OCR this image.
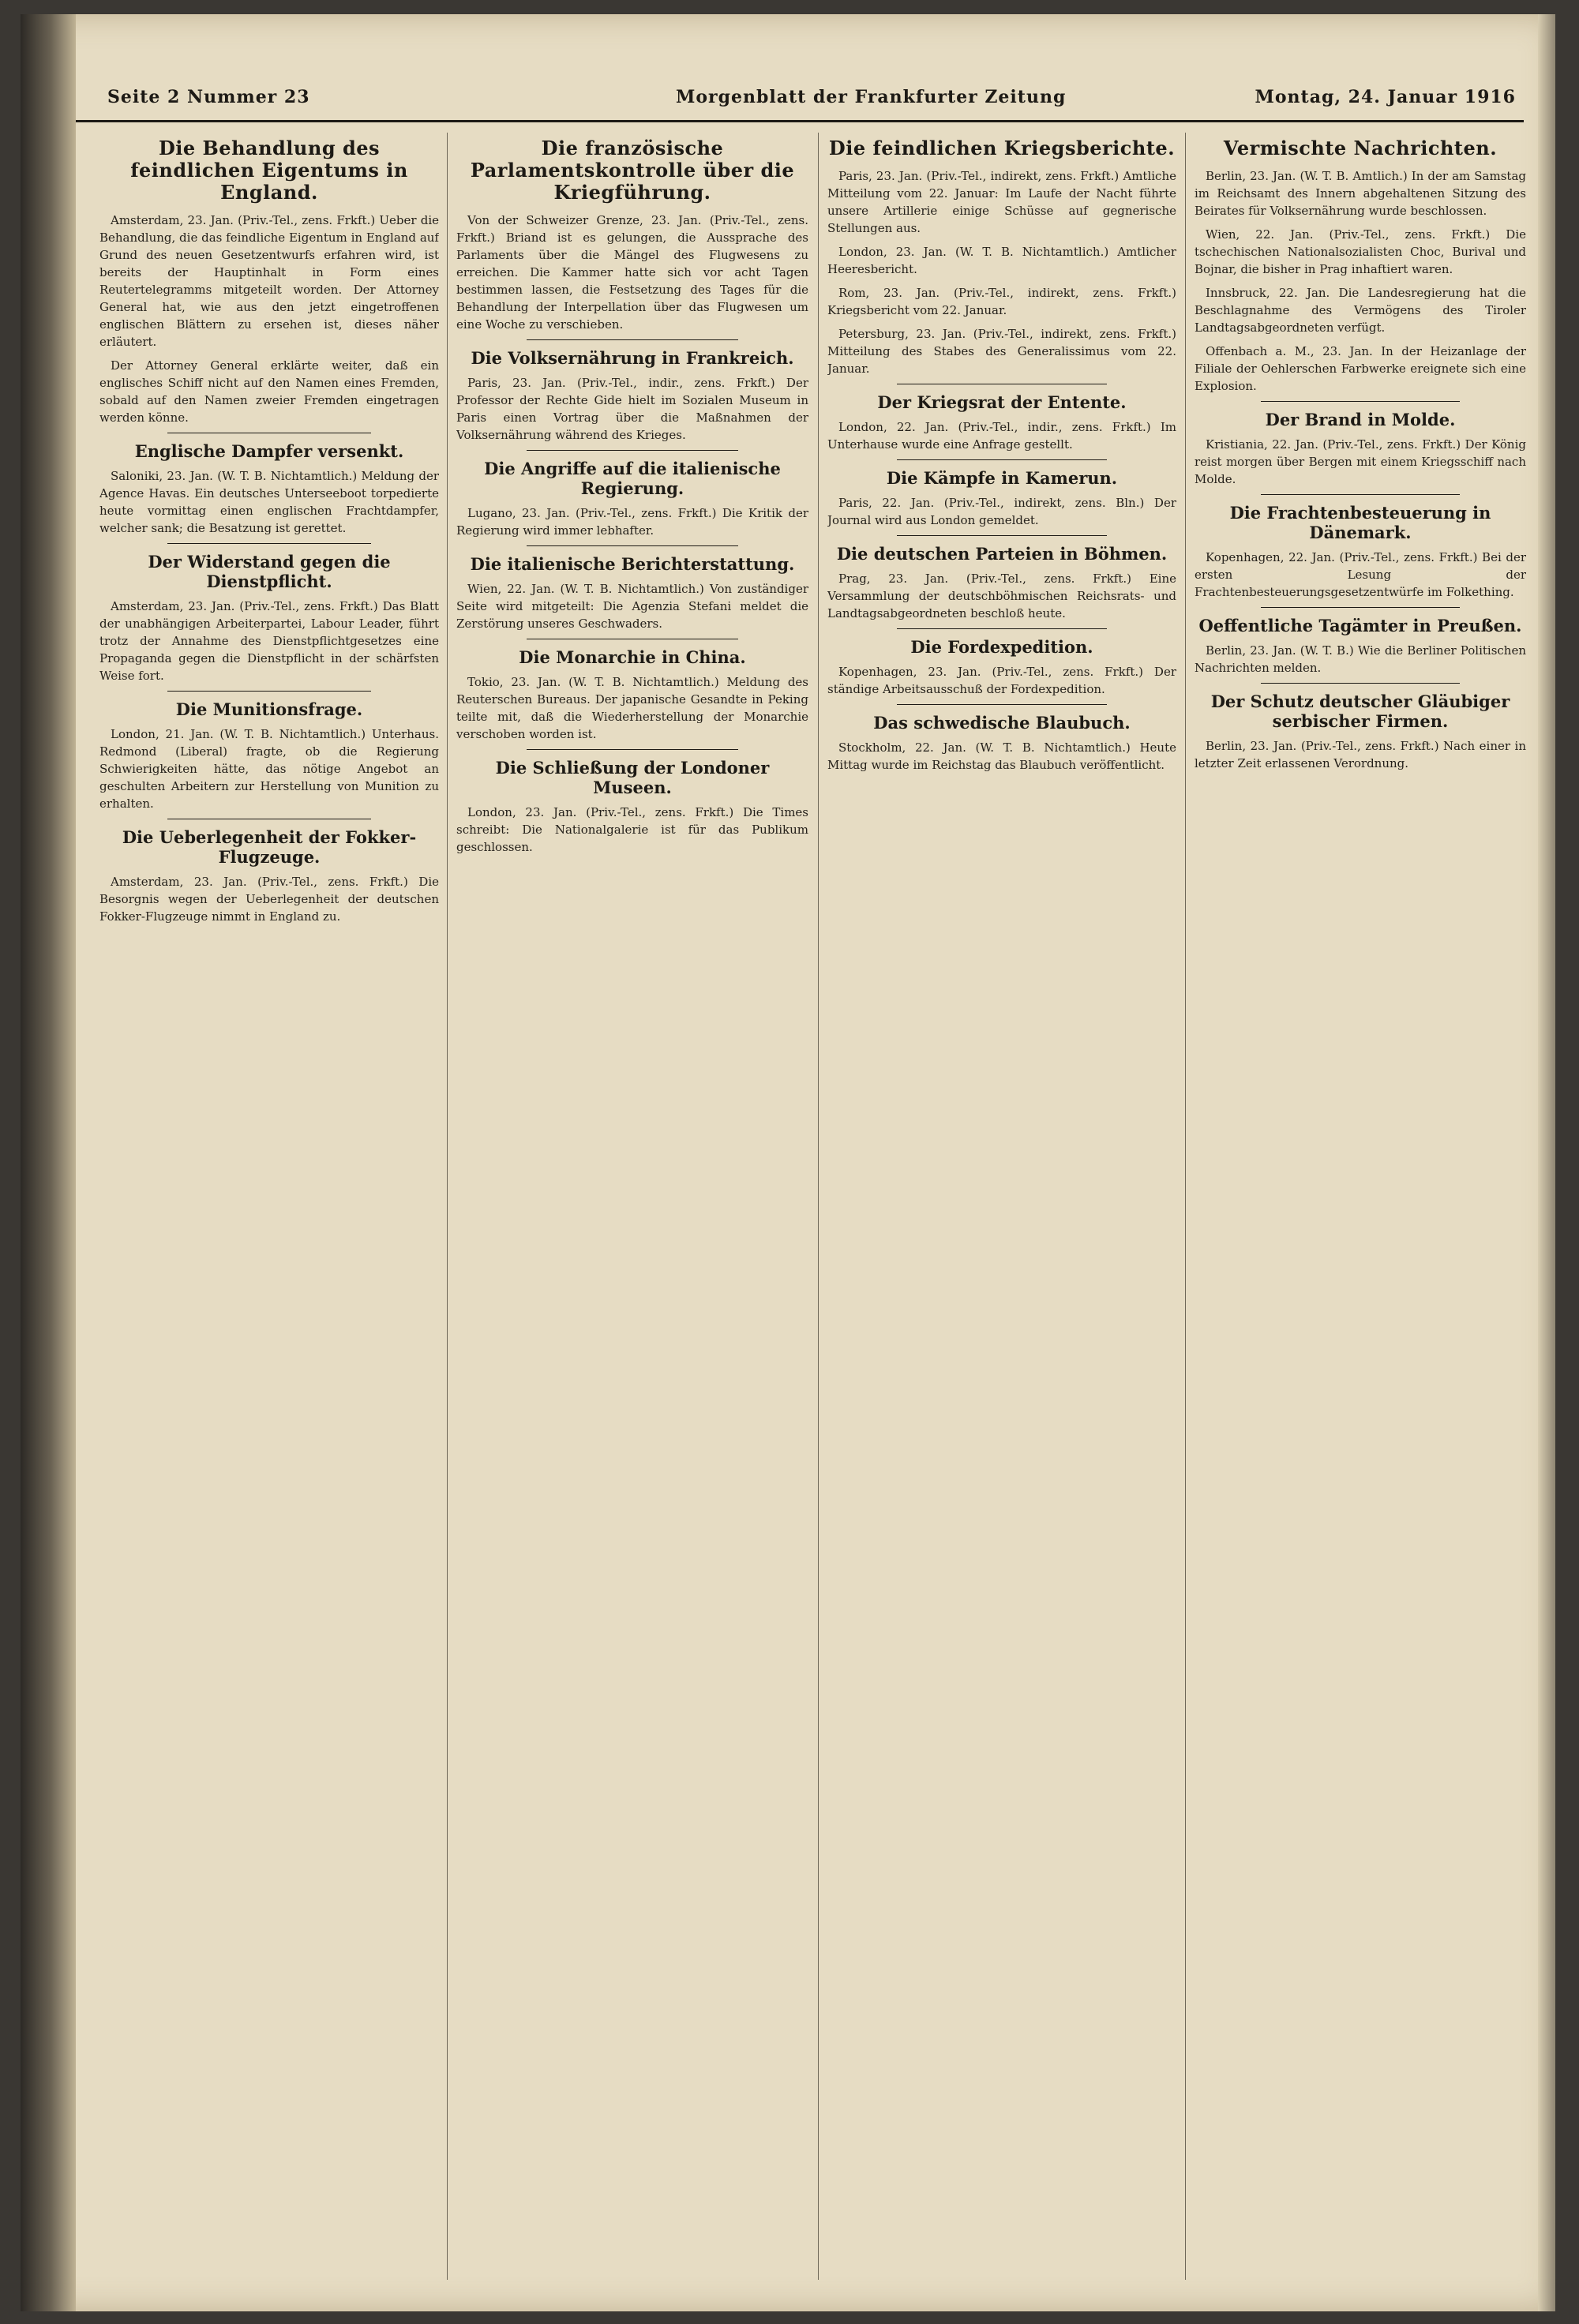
Seite 2 Nummer 23	Morgenblatt der Frankfurter Zeitung	Montag, 24. Januar 1916
Die Behandlung des feindlichen Eigentums in England.

Amsterdam, 23. Jan. (Priv.-Tel., zens. Frkft.) Ueber die Behandlung, die das feindliche Eigentum in England auf Grund des neuen Gesetzentwurfs erfahren wird, ist bereits der Hauptinhalt in Form eines Reutertelegramms mitgeteilt worden. Der Attorney General hat, wie aus den jetzt eingetroffenen englischen Blättern zu ersehen ist, dieses näher erläutert.

Der Attorney General erklärte weiter, daß ein englisches Schiff nicht auf den Namen eines Fremden, sobald auf den Namen zweier Fremden eingetragen werden könne.

Englische Dampfer versenkt.

Saloniki, 23. Jan. (W. T. B. Nichtamtlich.) Meldung der Agence Havas. Ein deutsches Unterseeboot torpedierte heute vormittag einen englischen Frachtdampfer, welcher sank; die Besatzung ist gerettet.

Der Widerstand gegen die Dienstpflicht.

Amsterdam, 23. Jan. (Priv.-Tel., zens. Frkft.) Das Blatt der unabhängigen Arbeiterpartei, Labour Leader, führt trotz der Annahme des Dienstpflichtgesetzes eine Propaganda gegen die Dienstpflicht in der schärfsten Weise fort.

Die Munitionsfrage.

London, 21. Jan. (W. T. B. Nichtamtlich.) Unterhaus. Redmond (Liberal) fragte, ob die Regierung Schwierigkeiten hätte, das nötige Angebot an geschulten Arbeitern zur Herstellung von Munition zu erhalten.

Die Ueberlegenheit der Fokker-Flugzeuge.

Amsterdam, 23. Jan. (Priv.-Tel., zens. Frkft.) Die Besorgnis wegen der Ueberlegenheit der deutschen Fokker-Flugzeuge nimmt in England zu.

Die französische Parlamentskontrolle über die Kriegführung.

Von der Schweizer Grenze, 23. Jan. (Priv.-Tel., zens. Frkft.) Briand ist es gelungen, die Aussprache des Parlaments über die Mängel des Flugwesens zu erreichen. Die Kammer hatte sich vor acht Tagen bestimmen lassen, die Festsetzung des Tages für die Behandlung der Interpellation über das Flugwesen um eine Woche zu verschieben.

Die Volksernährung in Frankreich.

Paris, 23. Jan. (Priv.-Tel., indir., zens. Frkft.) Der Professor der Rechte Gide hielt im Sozialen Museum in Paris einen Vortrag über die Maßnahmen der Volksernährung während des Krieges.

Die Angriffe auf die italienische Regierung.

Lugano, 23. Jan. (Priv.-Tel., zens. Frkft.) Die Kritik der Regierung wird immer lebhafter.

Die italienische Berichterstattung.

Wien, 22. Jan. (W. T. B. Nichtamtlich.) Von zuständiger Seite wird mitgeteilt: Die Agenzia Stefani meldet die Zerstörung unseres Geschwaders.

Die Monarchie in China.

Tokio, 23. Jan. (W. T. B. Nichtamtlich.) Meldung des Reuterschen Bureaus. Der japanische Gesandte in Peking teilte mit, daß die Wiederherstellung der Monarchie verschoben worden ist.

Die Schließung der Londoner Museen.

London, 23. Jan. (Priv.-Tel., zens. Frkft.) Die Times schreibt: Die Nationalgalerie ist für das Publikum geschlossen.

Die feindlichen Kriegsberichte.

Paris, 23. Jan. (Priv.-Tel., indirekt, zens. Frkft.) Amtliche Mitteilung vom 22. Januar: Im Laufe der Nacht führte unsere Artillerie einige Schüsse auf gegnerische Stellungen aus.

London, 23. Jan. (W. T. B. Nichtamtlich.) Amtlicher Heeresbericht.

Rom, 23. Jan. (Priv.-Tel., indirekt, zens. Frkft.) Kriegsbericht vom 22. Januar.

Petersburg, 23. Jan. (Priv.-Tel., indirekt, zens. Frkft.) Mitteilung des Stabes des Generalissimus vom 22. Januar.

Der Kriegsrat der Entente.

London, 22. Jan. (Priv.-Tel., indir., zens. Frkft.) Im Unterhause wurde eine Anfrage gestellt.

Die Kämpfe in Kamerun.

Paris, 22. Jan. (Priv.-Tel., indirekt, zens. Bln.) Der Journal wird aus London gemeldet.

Die deutschen Parteien in Böhmen.

Prag, 23. Jan. (Priv.-Tel., zens. Frkft.) Eine Versammlung der deutschböhmischen Reichsrats- und Landtagsabgeordneten beschloß heute.

Die Fordexpedition.

Kopenhagen, 23. Jan. (Priv.-Tel., zens. Frkft.) Der ständige Arbeitsausschuß der Fordexpedition.

Das schwedische Blaubuch.

Stockholm, 22. Jan. (W. T. B. Nichtamtlich.) Heute Mittag wurde im Reichstag das Blaubuch veröffentlicht.

Vermischte Nachrichten.

Berlin, 23. Jan. (W. T. B. Amtlich.) In der am Samstag im Reichsamt des Innern abgehaltenen Sitzung des Beirates für Volksernährung wurde beschlossen.

Wien, 22. Jan. (Priv.-Tel., zens. Frkft.) Die tschechischen Nationalsozialisten Choc, Burival und Bojnar, die bisher in Prag inhaftiert waren.

Innsbruck, 22. Jan. Die Landesregierung hat die Beschlagnahme des Vermögens des Tiroler Landtagsabgeordneten verfügt.

Offenbach a. M., 23. Jan. In der Heizanlage der Filiale der Oehlerschen Farbwerke ereignete sich eine Explosion.

Der Brand in Molde.

Kristiania, 22. Jan. (Priv.-Tel., zens. Frkft.) Der König reist morgen über Bergen mit einem Kriegsschiff nach Molde.

Die Frachtenbesteuerung in Dänemark.

Kopenhagen, 22. Jan. (Priv.-Tel., zens. Frkft.) Bei der ersten Lesung der Frachtenbesteuerungsgesetzentwürfe im Folkething.

Oeffentliche Tagämter in Preußen.

Berlin, 23. Jan. (W. T. B.) Wie die Berliner Politischen Nachrichten melden.

Der Schutz deutscher Gläubiger serbischer Firmen.

Berlin, 23. Jan. (Priv.-Tel., zens. Frkft.) Nach einer in letzter Zeit erlassenen Verordnung.
